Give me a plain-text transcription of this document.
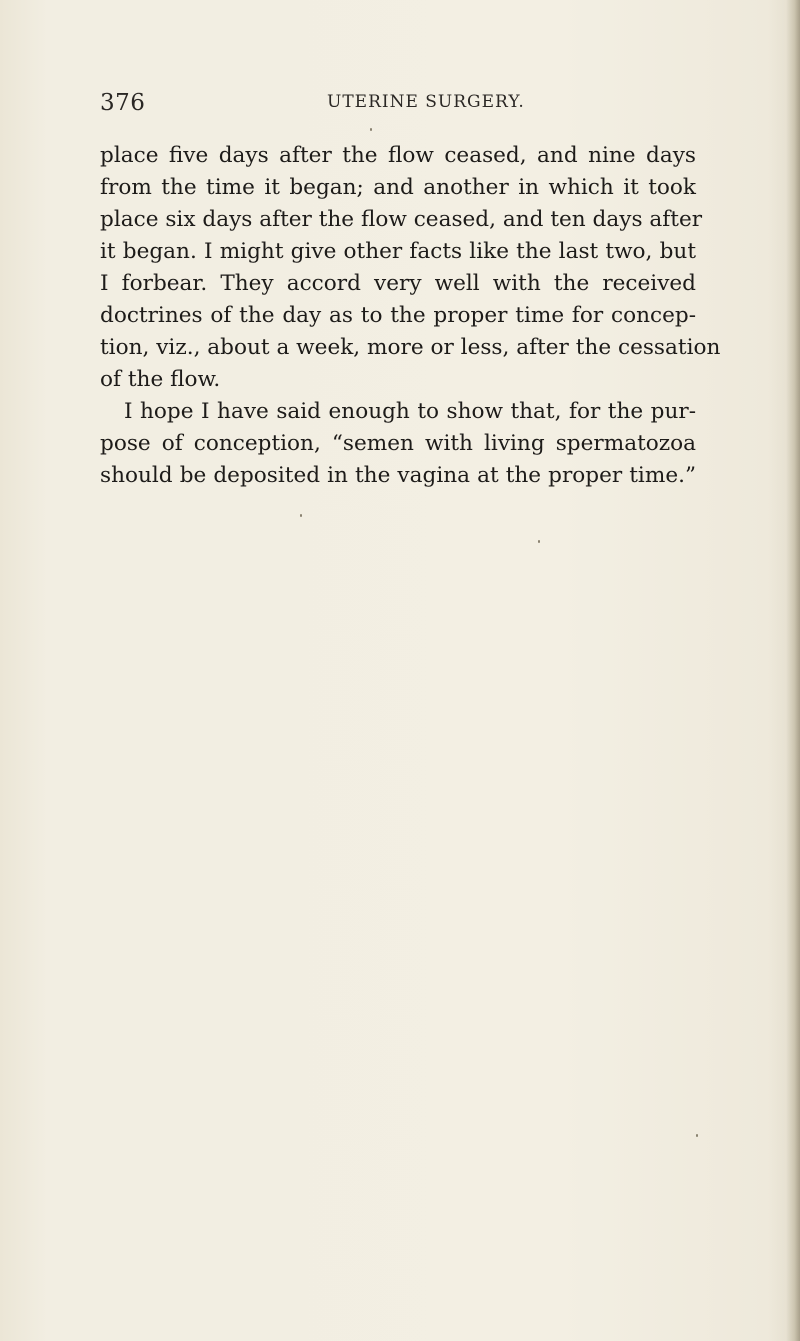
376	UTERINE SURGERY.
place five days after the flow ceased, and nine days
from the time it began; and another in which it took
place six days after the flow ceased, and ten days after
it began. I might give other facts like the last two, but
I forbear. They accord very well with the received
doctrines of the day as to the proper time for concep-
tion, viz., about a week, more or less, after the cessation
of the flow.
I hope I have said enough to show that, for the pur-
pose of conception, “semen with living spermatozoa
should be deposited in the vagina at the proper time.”
